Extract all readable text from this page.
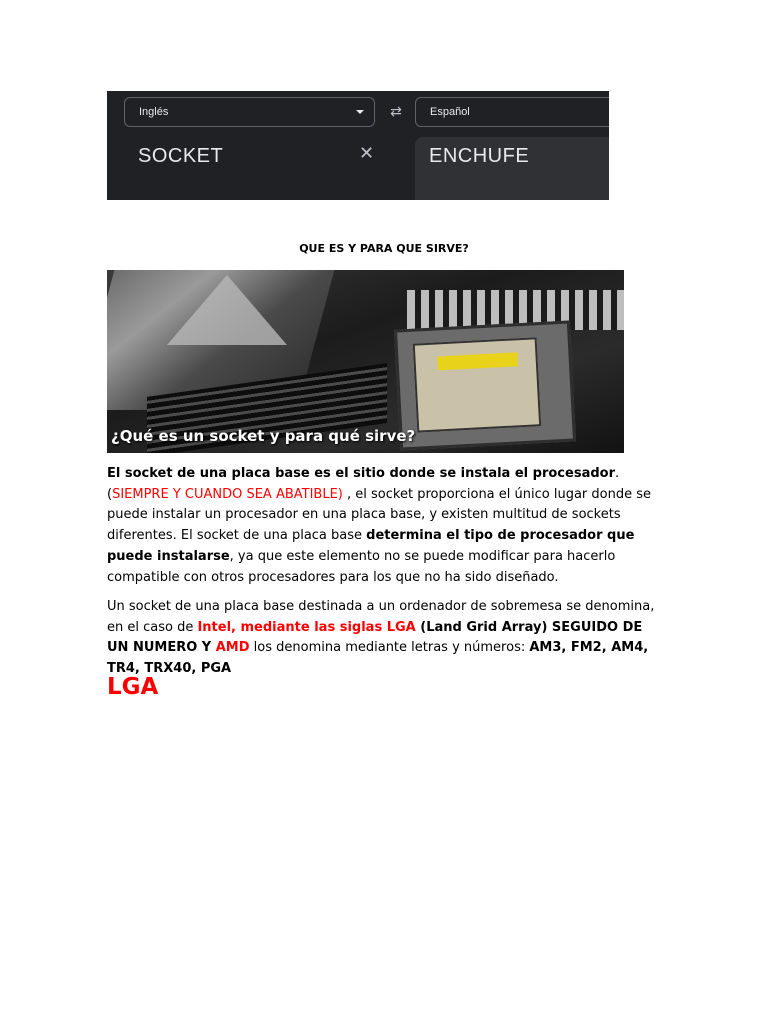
Inglés	⇄	Español
SOCKET	✕	ENCHUFE
QUE ES Y PARA QUE SIRVE?
¿Qué es un socket y para qué sirve?
El socket de una placa base es el sitio donde se instala el procesador. (SIEMPRE Y CUANDO SEA ABATIBLE) , el socket proporciona el único lugar donde se puede instalar un procesador en una placa base, y existen multitud de sockets diferentes. El socket de una placa base determina el tipo de procesador que puede instalarse, ya que este elemento no se puede modificar para hacerlo compatible con otros procesadores para los que no ha sido diseñado.
Un socket de una placa base destinada a un ordenador de sobremesa se denomina, en el caso de Intel, mediante las siglas LGA (Land Grid Array) SEGUIDO DE UN NUMERO Y AMD los denomina mediante letras y números: AM3, FM2, AM4, TR4, TRX40, PGA
LGA
